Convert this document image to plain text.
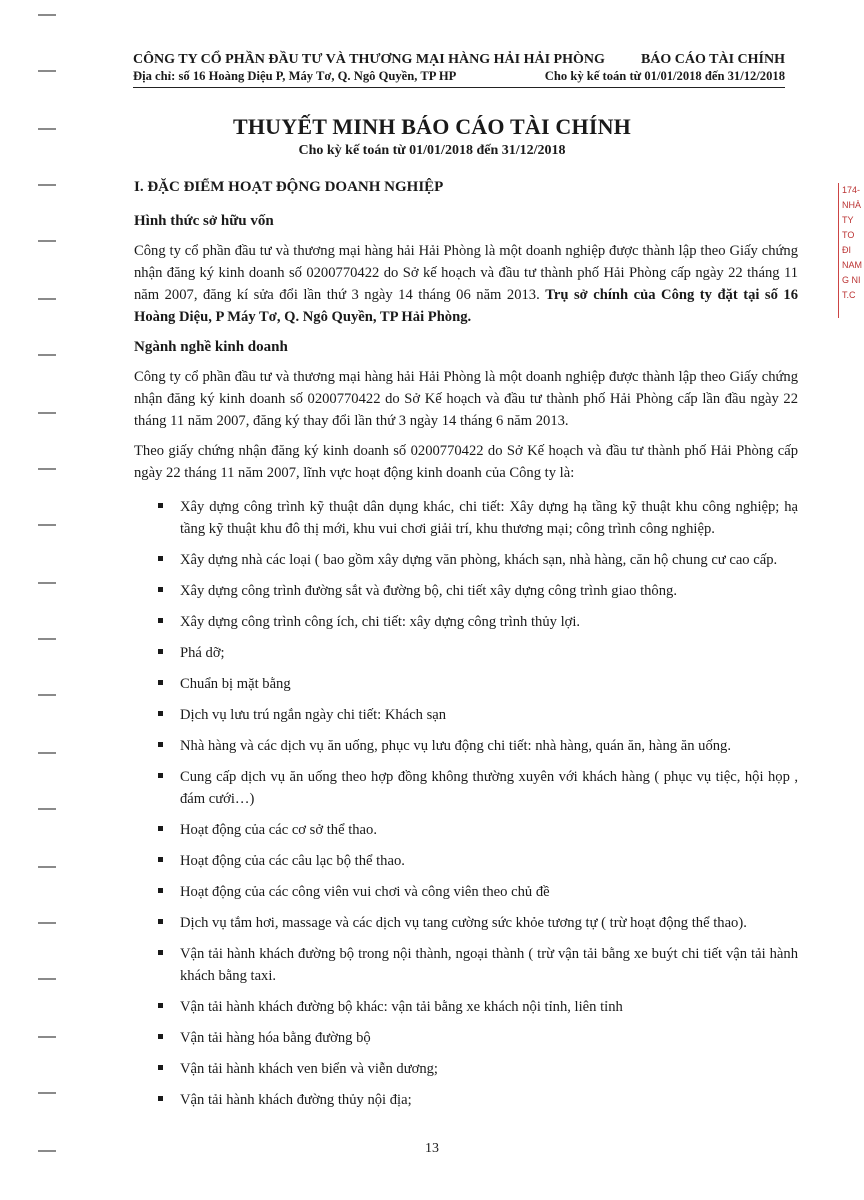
174-
NHÀ
TY
TO
ĐI
NAM
G NI
T.C
CÔNG TY CỔ PHẦN ĐẦU TƯ VÀ THƯƠNG MẠI HÀNG HẢI HẢI PHÒNG	BÁO CÁO TÀI CHÍNH
Địa chỉ: số 16 Hoàng Diệu P, Máy Tơ, Q. Ngô Quyền, TP HP	Cho kỳ kế toán từ 01/01/2018 đến 31/12/2018
THUYẾT MINH BÁO CÁO TÀI CHÍNH
Cho kỳ kế toán từ 01/01/2018 đến 31/12/2018
I. ĐẶC ĐIỂM HOẠT ĐỘNG DOANH NGHIỆP
Hình thức sở hữu vốn

Công ty cổ phần đầu tư và thương mại hàng hải Hải Phòng là một doanh nghiệp được thành lập theo Giấy chứng nhận đăng ký kinh doanh số 0200770422 do Sở kế hoạch và đầu tư thành phố Hải Phòng cấp ngày 22 tháng 11 năm 2007, đăng kí sửa đổi lần thứ 3 ngày 14 tháng 06 năm 2013. Trụ sở chính của Công ty đặt tại số 16 Hoàng Diệu, P Máy Tơ, Q. Ngô Quyền, TP Hải Phòng.

Ngành nghề kinh doanh

Công ty cổ phần đầu tư và thương mại hàng hải Hải Phòng là một doanh nghiệp được thành lập theo Giấy chứng nhận đăng ký kinh doanh số 0200770422 do Sở Kế hoạch và đầu tư thành phố Hải Phòng cấp lần đầu ngày 22 tháng 11 năm 2007, đăng ký thay đổi lần thứ 3 ngày 14 tháng 6 năm 2013.

Theo giấy chứng nhận đăng ký kinh doanh số 0200770422 do Sở Kế hoạch và đầu tư thành phố Hải Phòng cấp ngày 22 tháng 11 năm 2007, lĩnh vực hoạt động kinh doanh của Công ty là:

Xây dựng công trình kỹ thuật dân dụng khác, chi tiết: Xây dựng hạ tầng kỹ thuật khu công nghiệp; hạ tầng kỹ thuật khu đô thị mới, khu vui chơi giải trí, khu thương mại; công trình công nghiệp.
Xây dựng nhà các loại ( bao gồm xây dựng văn phòng, khách sạn, nhà hàng, căn hộ chung cư cao cấp.
Xây dựng công trình đường sắt và đường bộ, chi tiết xây dựng công trình giao thông.
Xây dựng công trình công ích, chi tiết: xây dựng công trình thủy lợi.
Phá dỡ;
Chuẩn bị mặt bằng
Dịch vụ lưu trú ngắn ngày chi tiết: Khách sạn
Nhà hàng và các dịch vụ ăn uống, phục vụ lưu động chi tiết: nhà hàng, quán ăn, hàng ăn uống.
Cung cấp dịch vụ ăn uống theo hợp đồng không thường xuyên với khách hàng ( phục vụ tiệc, hội họp , đám cưới…)
Hoạt động của các cơ sở thể thao.
Hoạt động của các câu lạc bộ thể thao.
Hoạt động của các công viên vui chơi và công viên theo chủ đề
Dịch vụ tắm hơi, massage và các dịch vụ tang cường sức khỏe tương tự ( trừ hoạt động thể thao).
Vận tải hành khách đường bộ trong nội thành, ngoại thành ( trừ vận tải bằng xe buýt chi tiết vận tải hành khách bằng taxi.
Vận tải hành khách đường bộ khác: vận tải bằng xe khách nội tỉnh, liên tỉnh
Vận tải hàng hóa bằng đường bộ
Vận tải hành khách ven biển và viễn dương;
Vận tải hành khách đường thủy nội địa;
13
